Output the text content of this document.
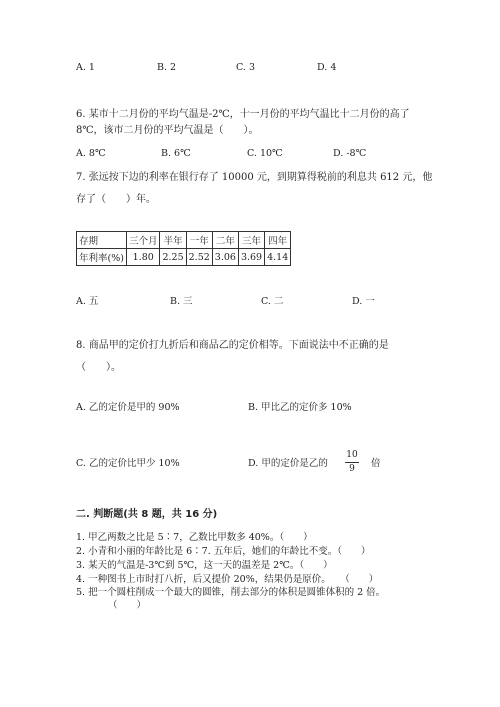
A. 1	B. 2	C. 3	D. 4
6. 某市十二月份的平均气温是-2℃，十一月份的平均气温比十二月份的高了
8℃，该市二月份的平均气温是（　　）。
A. 8℃	B. 6℃	C. 10℃	D. -8℃
7. 张远按下边的利率在银行存了 10000 元，到期算得税前的利息共 612 元，他
存了（　　）年。
存期	三个月	半年	一年	二年	三年	四年
年利率(%)	1.80	2.25	2.52	3.06	3.69	4.14
A. 五	B. 三	C. 二	D. 一
8. 商品甲的定价打九折后和商品乙的定价相等。下面说法中不正确的是
（　　）。
A. 乙的定价是甲的 90%	B. 甲比乙的定价多 10%
C. 乙的定价比甲少 10%	D. 甲的定价是乙的
10
9	倍
二. 判断题(共 8 题，共 16 分)
1. 甲乙两数之比是 5∶7，乙数比甲数多 40%。（　　）
2. 小青和小丽的年龄比是 6∶7. 五年后，她们的年龄比不变。（　　）
3. 某天的气温是-3℃到 5℃，这一天的温差是 2℃。（　　）
4. 一种图书上市时打八折，后又提价 20%，结果仍是原价。　　（　　）
5. 把一个圆柱削成一个最大的圆锥，削去部分的体积是圆锥体积的 2 倍。
（　　）
